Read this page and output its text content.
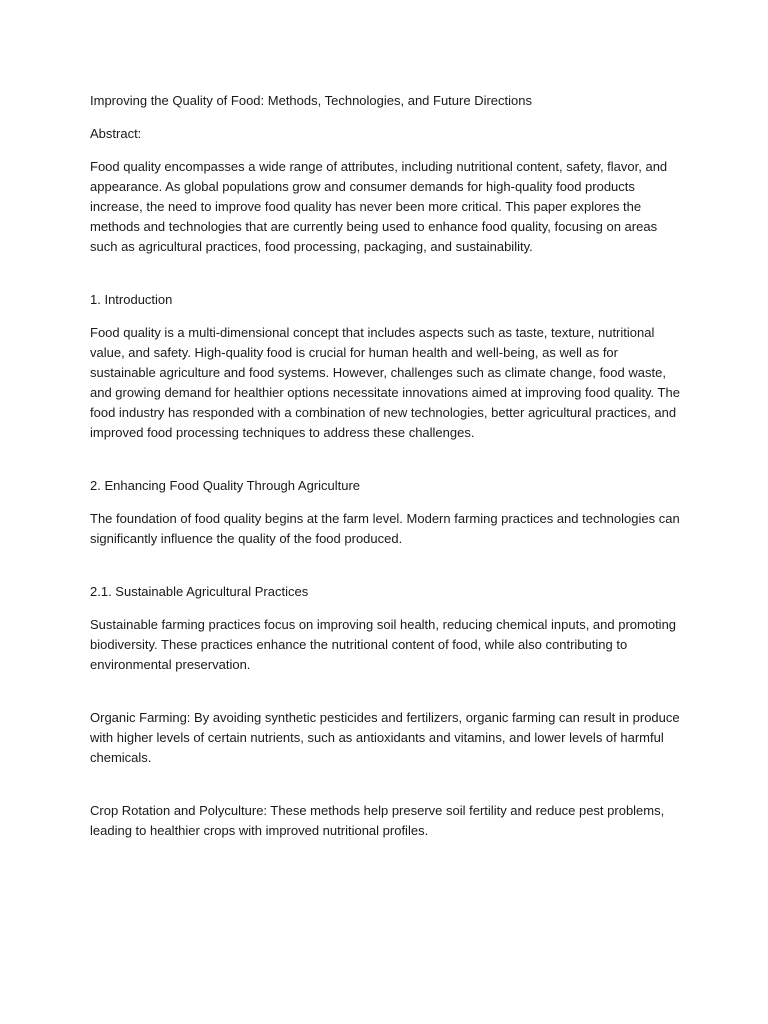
Improving the Quality of Food: Methods, Technologies, and Future Directions

Abstract:

Food quality encompasses a wide range of attributes, including nutritional content, safety, flavor, and appearance. As global populations grow and consumer demands for high-quality food products increase, the need to improve food quality has never been more critical. This paper explores the methods and technologies that are currently being used to enhance food quality, focusing on areas such as agricultural practices, food processing, packaging, and sustainability.

1. Introduction

Food quality is a multi-dimensional concept that includes aspects such as taste, texture, nutritional value, and safety. High-quality food is crucial for human health and well-being, as well as for sustainable agriculture and food systems. However, challenges such as climate change, food waste, and growing demand for healthier options necessitate innovations aimed at improving food quality. The food industry has responded with a combination of new technologies, better agricultural practices, and improved food processing techniques to address these challenges.

2. Enhancing Food Quality Through Agriculture

The foundation of food quality begins at the farm level. Modern farming practices and technologies can significantly influence the quality of the food produced.

2.1. Sustainable Agricultural Practices

Sustainable farming practices focus on improving soil health, reducing chemical inputs, and promoting biodiversity. These practices enhance the nutritional content of food, while also contributing to environmental preservation.

Organic Farming: By avoiding synthetic pesticides and fertilizers, organic farming can result in produce with higher levels of certain nutrients, such as antioxidants and vitamins, and lower levels of harmful chemicals.

Crop Rotation and Polyculture: These methods help preserve soil fertility and reduce pest problems, leading to healthier crops with improved nutritional profiles.
